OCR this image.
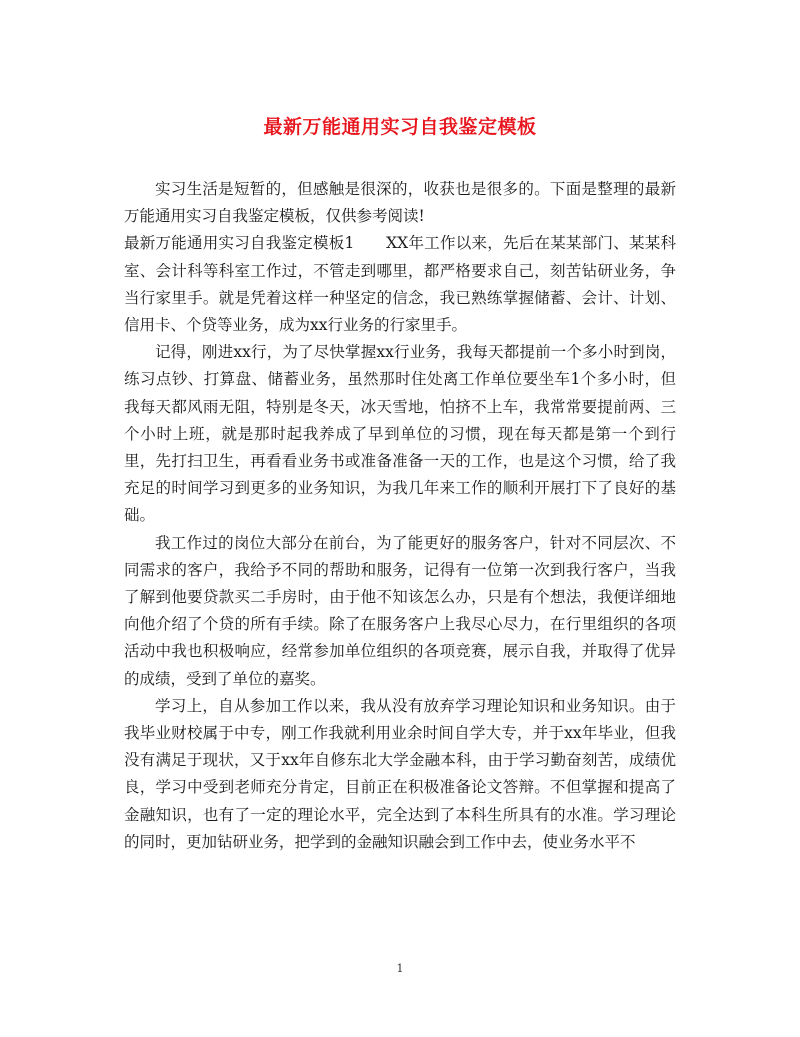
最新万能通用实习自我鉴定模板

实习生活是短暂的，但感触是很深的，收获也是很多的。下面是整理的最新万能通用实习自我鉴定模板，仅供参考阅读!

最新万能通用实习自我鉴定模板1　　XX年工作以来，先后在某某部门、某某科室、会计科等科室工作过，不管走到哪里，都严格要求自己，刻苦钻研业务，争当行家里手。就是凭着这样一种坚定的信念，我已熟练掌握储蓄、会计、计划、信用卡、个贷等业务，成为xx行业务的行家里手。

记得，刚进xx行，为了尽快掌握xx行业务，我每天都提前一个多小时到岗，练习点钞、打算盘、储蓄业务，虽然那时住处离工作单位要坐车1个多小时，但我每天都风雨无阻，特别是冬天，冰天雪地，怕挤不上车，我常常要提前两、三个小时上班，就是那时起我养成了早到单位的习惯，现在每天都是第一个到行里，先打扫卫生，再看看业务书或准备准备一天的工作，也是这个习惯，给了我充足的时间学习到更多的业务知识，为我几年来工作的顺利开展打下了良好的基础。

我工作过的岗位大部分在前台，为了能更好的服务客户，针对不同层次、不同需求的客户，我给予不同的帮助和服务，记得有一位第一次到我行客户，当我了解到他要贷款买二手房时，由于他不知该怎么办，只是有个想法，我便详细地向他介绍了个贷的所有手续。除了在服务客户上我尽心尽力，在行里组织的各项活动中我也积极响应，经常参加单位组织的各项竞赛，展示自我，并取得了优异的成绩，受到了单位的嘉奖。

学习上，自从参加工作以来，我从没有放弃学习理论知识和业务知识。由于我毕业财校属于中专，刚工作我就利用业余时间自学大专，并于xx年毕业，但我没有满足于现状，又于xx年自修东北大学金融本科，由于学习勤奋刻苦，成绩优良，学习中受到老师充分肯定，目前正在积极准备论文答辩。不但掌握和提高了金融知识，也有了一定的理论水平，完全达到了本科生所具有的水准。学习理论的同时，更加钻研业务，把学到的金融知识融会到工作中去，使业务水平不

1
